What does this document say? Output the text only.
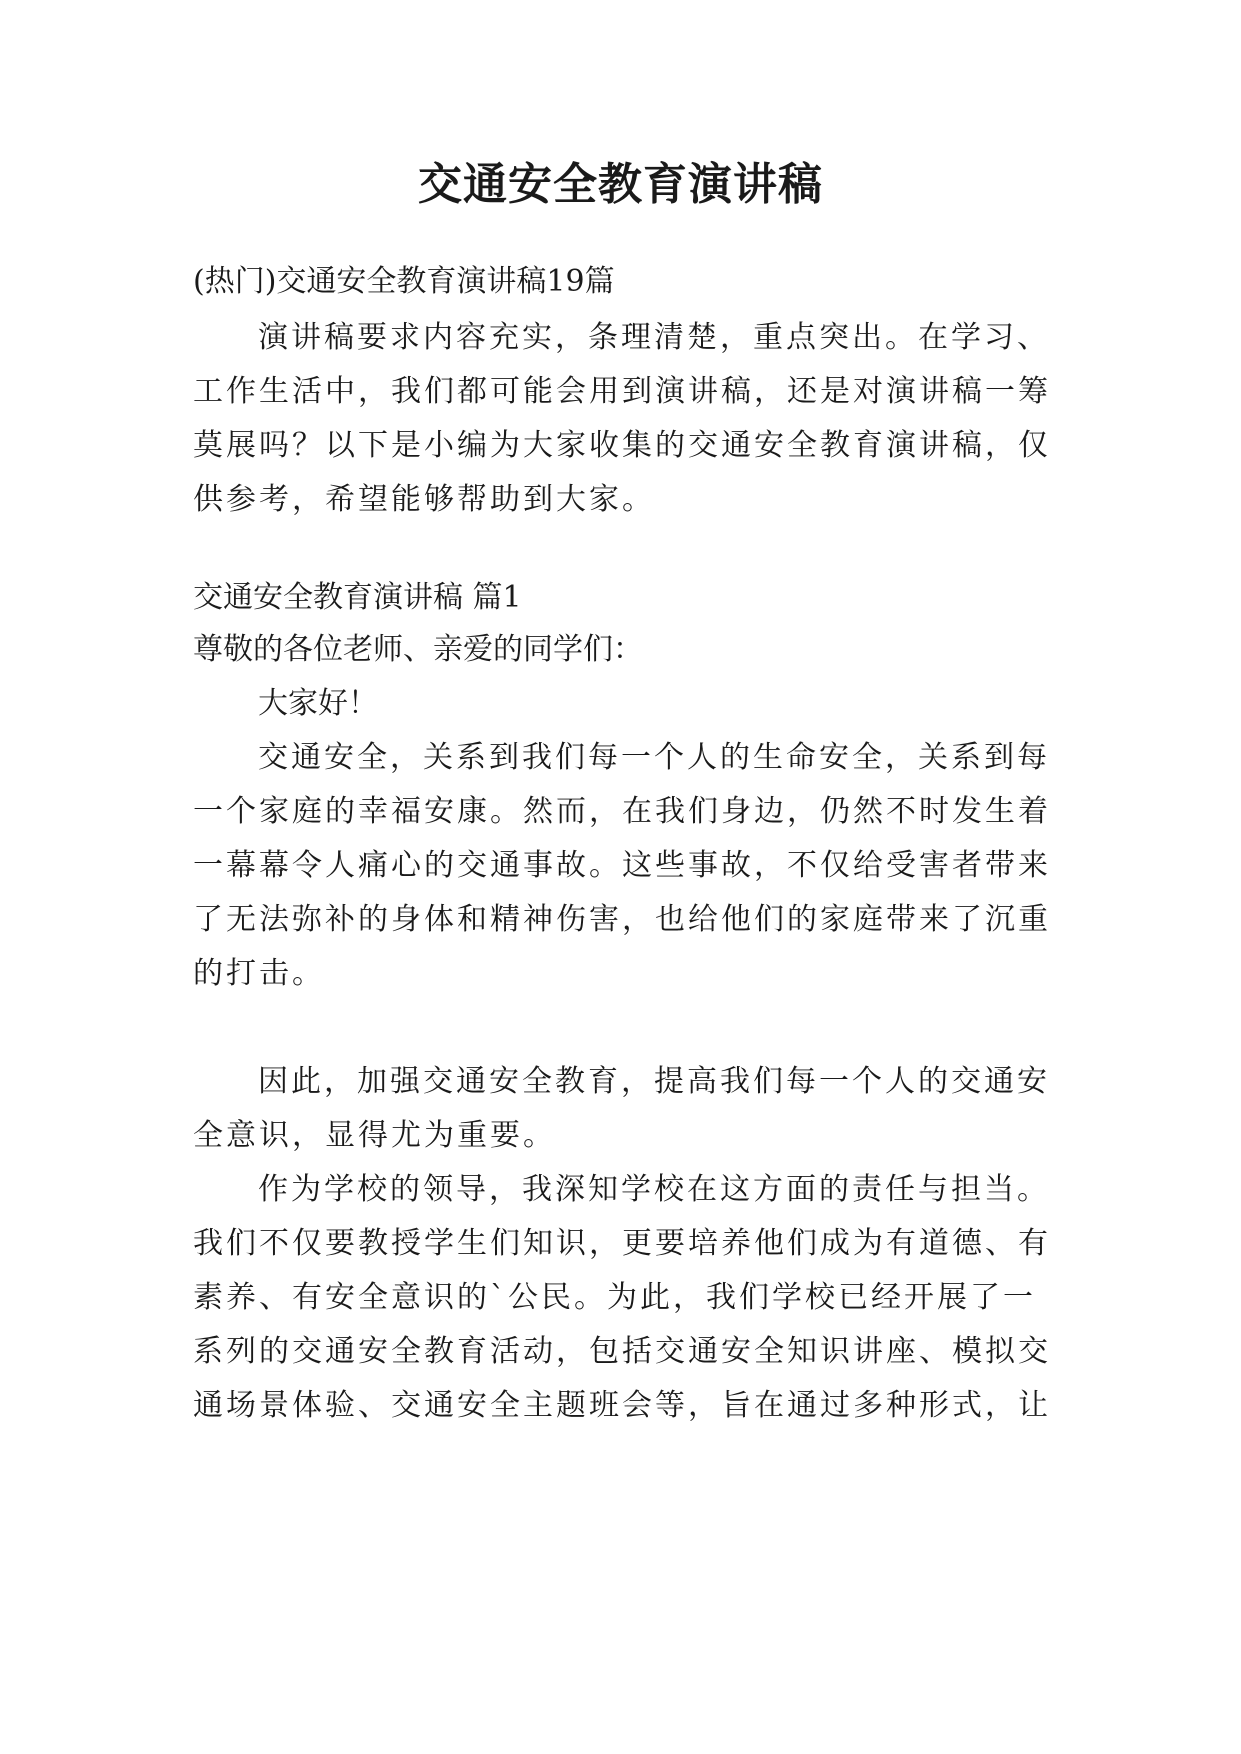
交通安全教育演讲稿

(热门)交通安全教育演讲稿19篇

演讲稿要求内容充实，条理清楚，重点突出。在学习、

工作生活中，我们都可能会用到演讲稿，还是对演讲稿一筹

莫展吗？以下是小编为大家收集的交通安全教育演讲稿，仅

供参考，希望能够帮助到大家。

交通安全教育演讲稿 篇1

尊敬的各位老师、亲爱的同学们：

大家好！

交通安全，关系到我们每一个人的生命安全，关系到每

一个家庭的幸福安康。然而，在我们身边，仍然不时发生着

一幕幕令人痛心的交通事故。这些事故，不仅给受害者带来

了无法弥补的身体和精神伤害，也给他们的家庭带来了沉重

的打击。

因此，加强交通安全教育，提高我们每一个人的交通安

全意识，显得尤为重要。

作为学校的领导，我深知学校在这方面的责任与担当。

我们不仅要教授学生们知识，更要培养他们成为有道德、有

素养、有安全意识的`公民。为此，我们学校已经开展了一

系列的交通安全教育活动，包括交通安全知识讲座、模拟交

通场景体验、交通安全主题班会等，旨在通过多种形式，让
